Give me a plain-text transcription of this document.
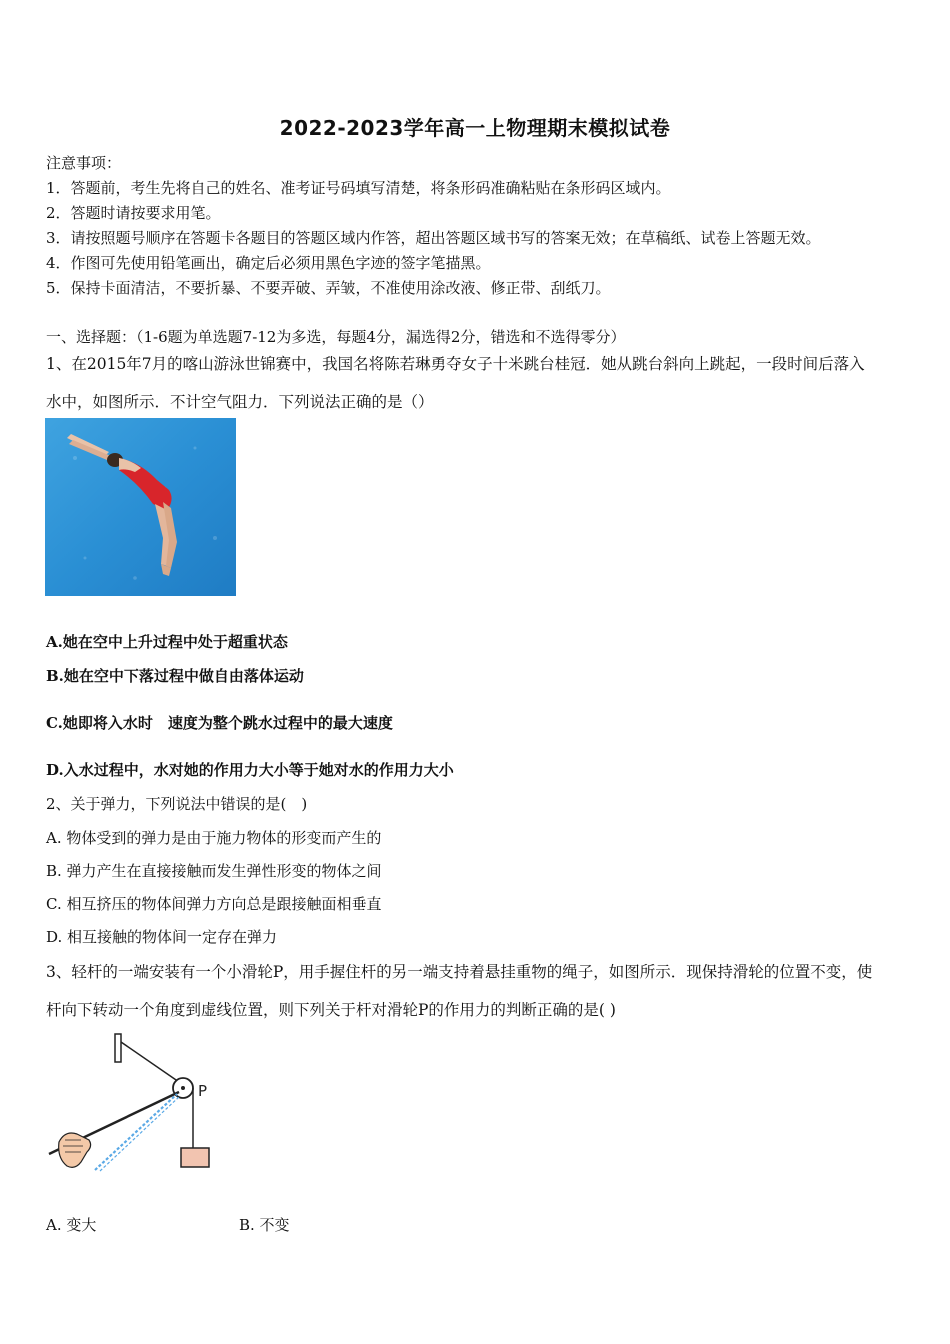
2022-2023学年高一上物理期末模拟试卷
注意事项：
1．答题前，考生先将自己的姓名、准考证号码填写清楚，将条形码准确粘贴在条形码区域内。
2．答题时请按要求用笔。
3．请按照题号顺序在答题卡各题目的答题区域内作答，超出答题区域书写的答案无效；在草稿纸、试卷上答题无效。
4．作图可先使用铅笔画出，确定后必须用黑色字迹的签字笔描黑。
5．保持卡面清洁，不要折暴、不要弄破、弄皱，不准使用涂改液、修正带、刮纸刀。
一、选择题：（1-6题为单选题7-12为多选，每题4分，漏选得2分，错选和不选得零分）
1、在2015年7月的喀山游泳世锦赛中，我国名将陈若琳勇夺女子十米跳台桂冠．她从跳台斜向上跳起，一段时间后落入
水中，如图所示．不计空气阻力．下列说法正确的是（）
A.她在空中上升过程中处于超重状态
B.她在空中下落过程中做自由落体运动
C.她即将入水时　速度为整个跳水过程中的最大速度
D.入水过程中，水对她的作用力大小等于她对水的作用力大小
2、关于弹力，下列说法中错误的是(　)
A. 物体受到的弹力是由于施力物体的形变而产生的
B. 弹力产生在直接接触而发生弹性形变的物体之间
C. 相互挤压的物体间弹力方向总是跟接触面相垂直
D. 相互接触的物体间一定存在弹力
3、轻杆的一端安装有一个小滑轮P，用手握住杆的另一端支持着悬挂重物的绳子，如图所示．现保持滑轮的位置不变，使
杆向下转动一个角度到虚线位置，则下列关于杆对滑轮P的作用力的判断正确的是( )
P
A. 变大	B. 不变
